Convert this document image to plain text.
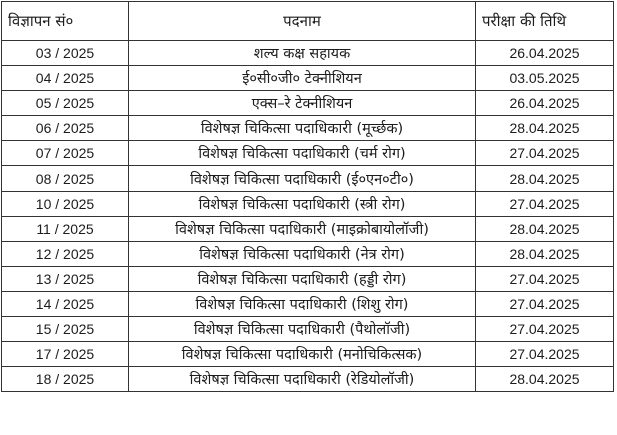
विज्ञापन सं०	पदनाम	परीक्षा की तिथि
03 / 2025	शल्य कक्ष सहायक	26.04.2025
04 / 2025	ई०सी०जी० टेक्नीशियन	03.05.2025
05 / 2025	एक्स–रे टेक्नीशियन	26.04.2025
06 / 2025	विशेषज्ञ चिकित्सा पदाधिकारी (मूर्च्छक)	28.04.2025
07 / 2025	विशेषज्ञ चिकित्सा पदाधिकारी (चर्म रोग)	27.04.2025
08 / 2025	विशेषज्ञ चिकित्सा पदाधिकारी (ई०एन०टी०)	28.04.2025
10 / 2025	विशेषज्ञ चिकित्सा पदाधिकारी (स्त्री रोग)	27.04.2025
11 / 2025	विशेषज्ञ चिकित्सा पदाधिकारी (माइक्रोबायोलॉजी)	28.04.2025
12 / 2025	विशेषज्ञ चिकित्सा पदाधिकारी (नेत्र रोग)	28.04.2025
13 / 2025	विशेषज्ञ चिकित्सा पदाधिकारी (हड्डी रोग)	27.04.2025
14 / 2025	विशेषज्ञ चिकित्सा पदाधिकारी (शिशु रोग)	27.04.2025
15 / 2025	विशेषज्ञ चिकित्सा पदाधिकारी (पैथोलॉजी)	27.04.2025
17 / 2025	विशेषज्ञ चिकित्सा पदाधिकारी (मनोचिकित्सक)	27.04.2025
18 / 2025	विशेषज्ञ चिकित्सा पदाधिकारी (रेडियोलॉजी)	28.04.2025
